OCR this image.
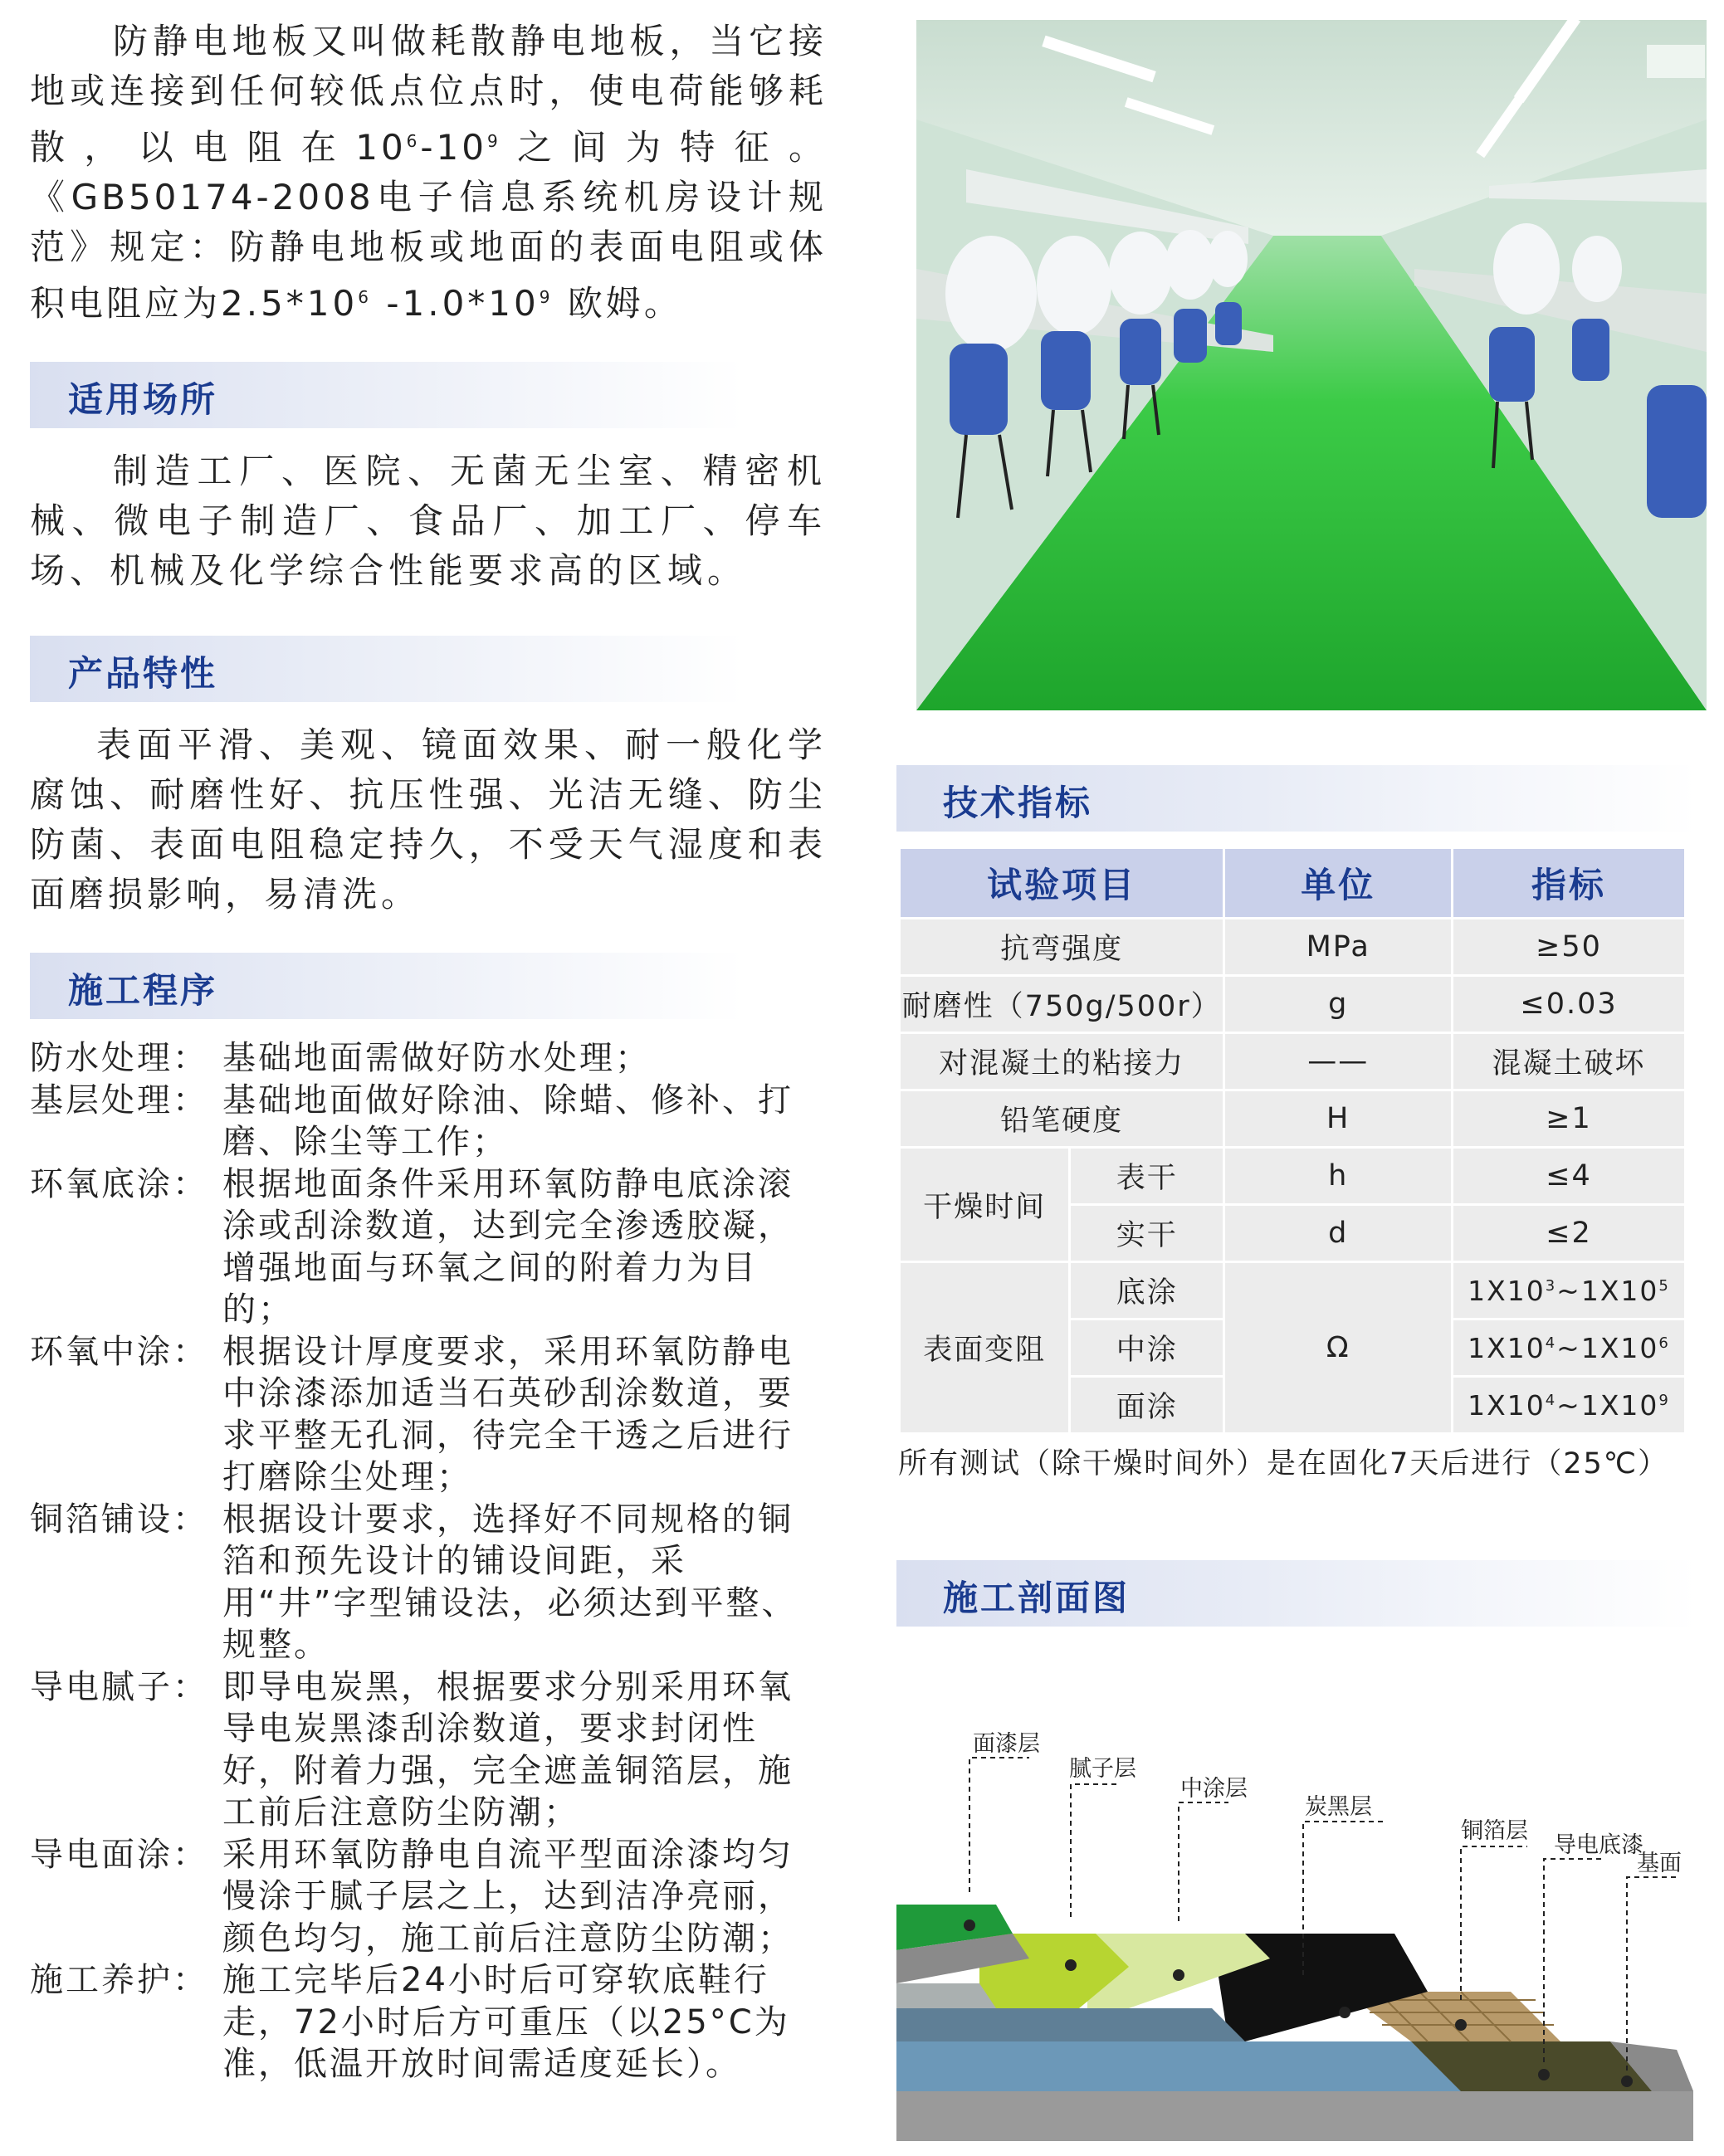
防静电地板又叫做耗散静电地板，当它接地或连接到任何较低点位点时，使电荷能够耗散，以电阻在$10^6-10^9$之间为特征。《GB50174-2008电子信息系统机房设计规范》规定：防静电地板或地面的表面电阻或体积电阻应为$2.5*10^6$ $-1.0*10^9$ 欧姆。

适用场所

制造工厂、医院、无菌无尘室、精密机械、微电子制造厂、食品厂、加工厂、停车场、机械及化学综合性能要求高的区域。

产品特性

表面平滑、美观、镜面效果、耐一般化学腐蚀、耐磨性好、抗压性强、光洁无缝、防尘防菌、表面电阻稳定持久，不受天气湿度和表面磨损影响，易清洗。

施工程序
防水处理： 基础地面需做好防水处理；
基层处理： 基础地面做好除油、除蜡、修补、打磨、除尘等工作；
环氧底涂： 根据地面条件采用环氧防静电底涂滚涂或刮涂数道，达到完全渗透胶凝，增强地面与环氧之间的附着力为目的；
环氧中涂： 根据设计厚度要求，采用环氧防静电中涂漆添加适当石英砂刮涂数道，要求平整无孔洞，待完全干透之后进行打磨除尘处理；
铜箔铺设： 根据设计要求，选择好不同规格的铜箔和预先设计的铺设间距，采用“井”字型铺设法，必须达到平整、规整。
导电腻子： 即导电炭黑，根据要求分别采用环氧导电炭黑漆刮涂数道，要求封闭性好，附着力强，完全遮盖铜箔层，施工前后注意防尘防潮；
导电面涂： 采用环氧防静电自流平型面涂漆均匀慢涂于腻子层之上，达到洁净亮丽，颜色均匀，施工前后注意防尘防潮；
施工养护： 施工完毕后24小时后可穿软底鞋行走，72小时后方可重压（以25°C为准，低温开放时间需适度延长）。
技术指标
试验项目		单位	指标
抗弯强度		MPa	≥50
耐磨性（750g/500r）		g	≤0.03
对混凝土的粘接力		——	混凝土破坏
铅笔硬度		H	≥1
干燥时间	表干	h	≤4
	实干	d	≤2
表面变阻	底涂	Ω	$1X10^3\sim 1X10^5$
	中涂		$1X10^4\sim 1X10^6$
	面涂		$1X10^4\sim 1X10^9$
所有测试（除干燥时间外）是在固化7天后进行（25℃）
施工剖面图
面漆层
腻子层
中涂层
炭黑层
铜箔层
导电底漆
基面
